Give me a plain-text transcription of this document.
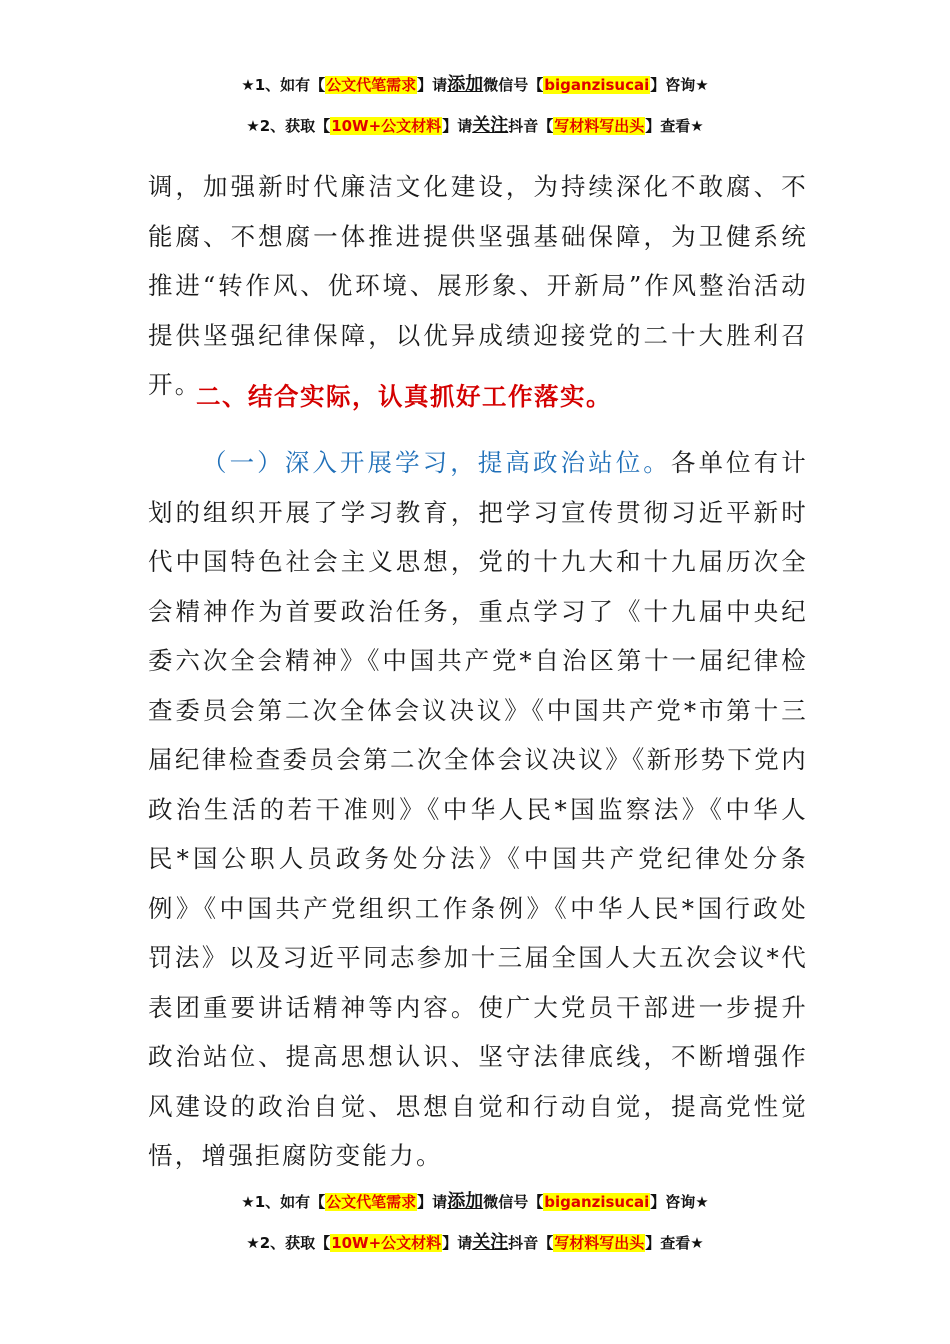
★1、如有【公文代笔需求】请添加微信号【biganzisucai】咨询★
★2、获取【10W+公文材料】请关注抖音【写材料写出头】查看★

调，加强新时代廉洁文化建设，为持续深化不敢腐、不能腐、不想腐一体推进提供坚强基础保障，为卫健系统推进“转作风、优环境、展形象、开新局”作风整治活动提供坚强纪律保障，以优异成绩迎接党的二十大胜利召开。

二、结合实际，认真抓好工作落实。

（一）深入开展学习，提高政治站位。各单位有计划的组织开展了学习教育，把学习宣传贯彻习近平新时代中国特色社会主义思想，党的十九大和十九届历次全会精神作为首要政治任务，重点学习了《十九届中央纪委六次全会精神》《中国共产党*自治区第十一届纪律检查委员会第二次全体会议决议》《中国共产党*市第十三届纪律检查委员会第二次全体会议决议》《新形势下党内政治生活的若干准则》《中华人民*国监察法》《中华人民*国公职人员政务处分法》《中国共产党纪律处分条例》《中国共产党组织工作条例》《中华人民*国行政处罚法》以及习近平同志参加十三届全国人大五次会议*代表团重要讲话精神等内容。使广大党员干部进一步提升政治站位、提高思想认识、坚守法律底线，不断增强作风建设的政治自觉、思想自觉和行动自觉，提高党性觉悟，增强拒腐防变能力。

★1、如有【公文代笔需求】请添加微信号【biganzisucai】咨询★
★2、获取【10W+公文材料】请关注抖音【写材料写出头】查看★
